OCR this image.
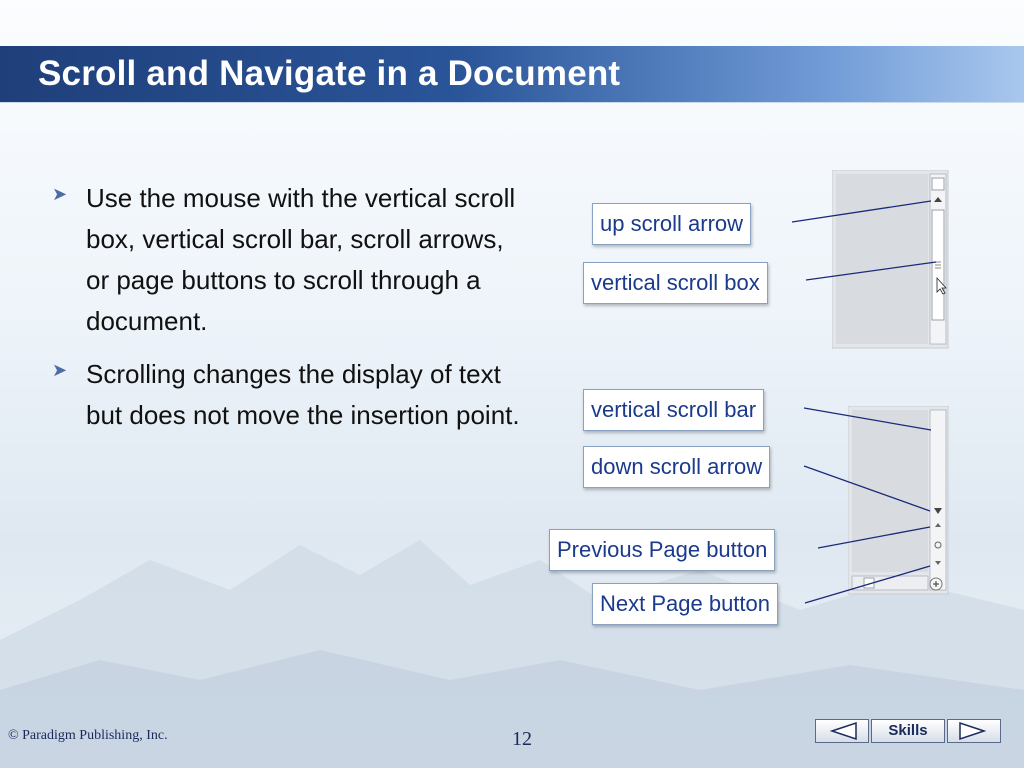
Scroll and Navigate in a Document
➤ Use the mouse with the vertical scroll box, vertical scroll bar, scroll arrows, or page buttons to scroll through a document.
➤ Scrolling changes the display of text but does not move the insertion point.
up scroll arrow
vertical scroll box
vertical scroll bar
down scroll arrow
Previous Page button
Next Page button
© Paradigm Publishing, Inc.	12	Skills
